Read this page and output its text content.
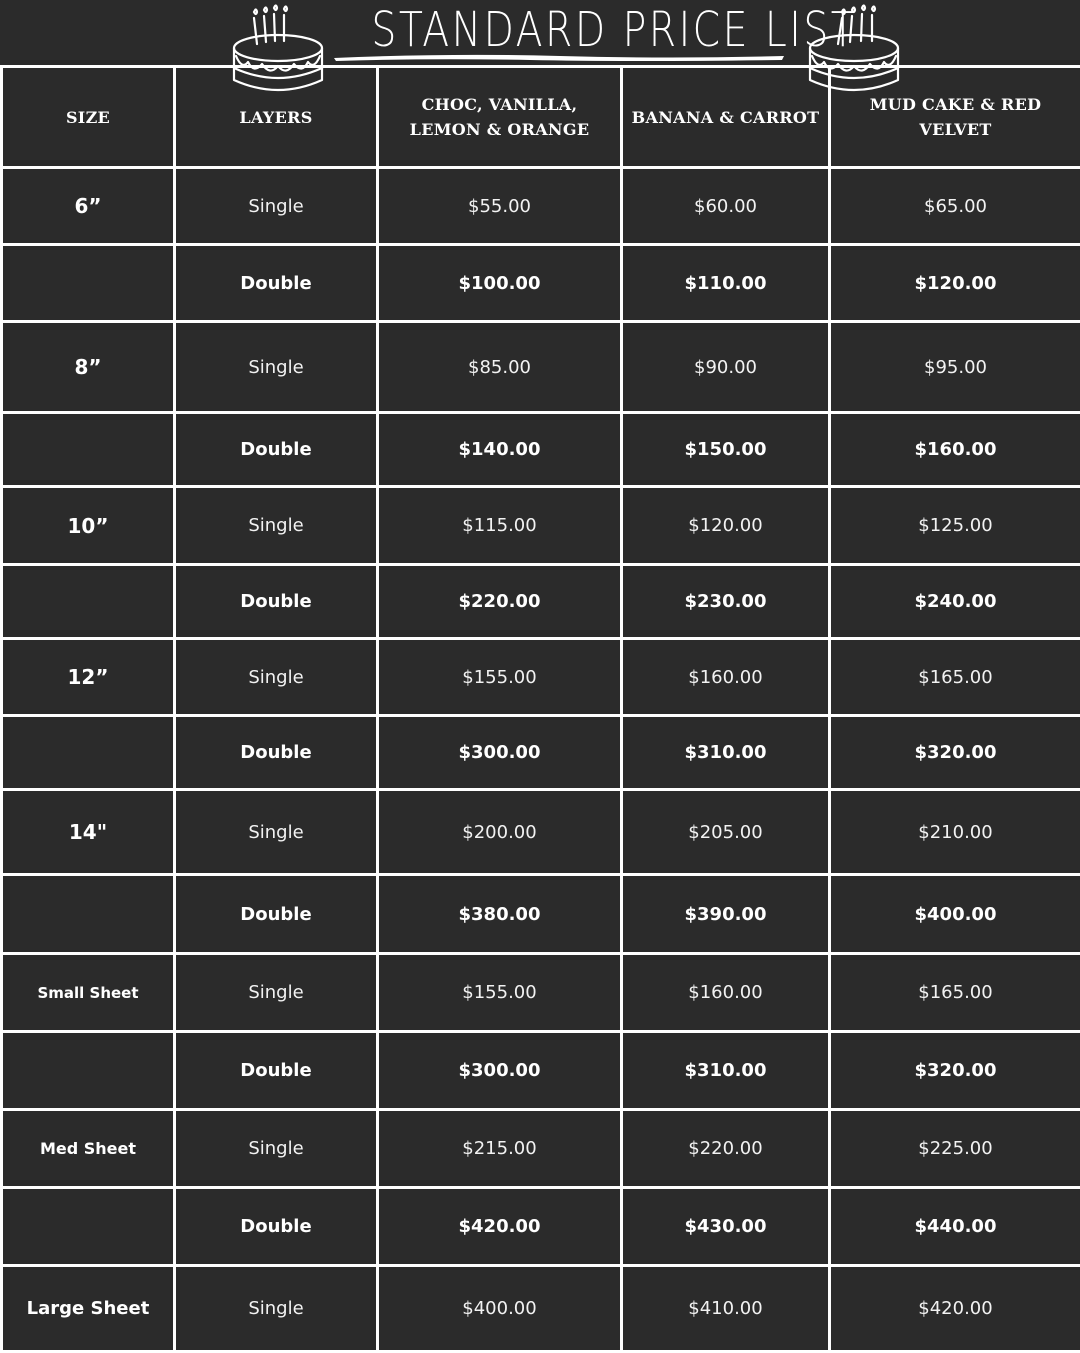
STANDARD PRICE LIST
SIZE	LAYERS	CHOC, VANILLA, LEMON & ORANGE	BANANA & CARROT	MUD CAKE & RED VELVET
6”	Single	$55.00	$60.00	$65.00
	Double	$100.00	$110.00	$120.00
8”	Single	$85.00	$90.00	$95.00
	Double	$140.00	$150.00	$160.00
10”	Single	$115.00	$120.00	$125.00
	Double	$220.00	$230.00	$240.00
12”	Single	$155.00	$160.00	$165.00
	Double	$300.00	$310.00	$320.00
14"	Single	$200.00	$205.00	$210.00
	Double	$380.00	$390.00	$400.00
Small Sheet	Single	$155.00	$160.00	$165.00
	Double	$300.00	$310.00	$320.00
Med Sheet	Single	$215.00	$220.00	$225.00
	Double	$420.00	$430.00	$440.00
Large Sheet	Single	$400.00	$410.00	$420.00
